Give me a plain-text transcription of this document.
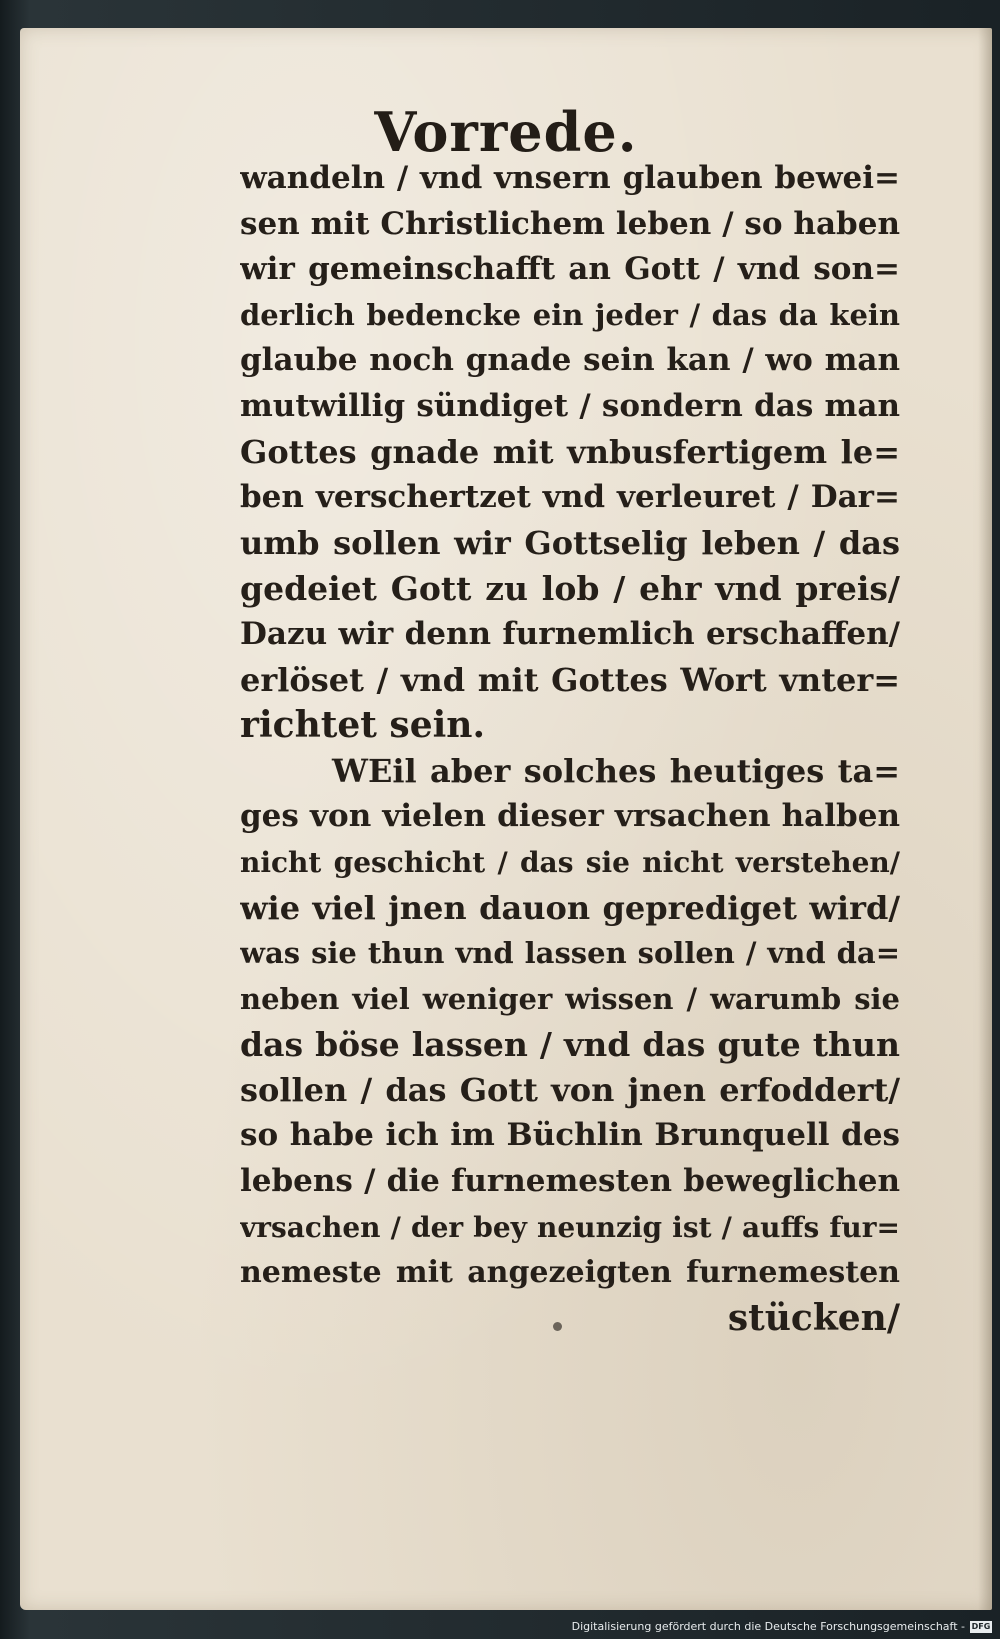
Vorrede.
wandeln / vnd vnsern glauben bewei=
sen mit Christlichem leben / so haben
wir gemeinschafft an Gott / vnd son=
derlich bedencke ein jeder / das da kein
glaube noch gnade sein kan / wo man
mutwillig sündiget / sondern das man
Gottes gnade mit vnbusfertigem le=
ben verschertzet vnd verleuret / Dar=
umb sollen wir Gottselig leben / das
gedeiet Gott zu lob / ehr vnd preis/
Dazu wir denn furnemlich erschaffen/
erlöset / vnd mit Gottes Wort vnter=
richtet sein.
WEil aber solches heutiges ta=
ges von vielen dieser vrsachen halben
nicht geschicht / das sie nicht verstehen/
wie viel jnen dauon geprediget wird/
was sie thun vnd lassen sollen / vnd da=
neben viel weniger wissen / warumb sie
das böse lassen / vnd das gute thun
sollen / das Gott von jnen erfoddert/
so habe ich im Büchlin Brunquell des
lebens / die furnemesten beweglichen
vrsachen / der bey neunzig ist / auffs fur=
nemeste mit angezeigten furnemesten
stücken/
Digitalisierung gefördert durch die Deutsche Forschungsgemeinschaft - DFG
